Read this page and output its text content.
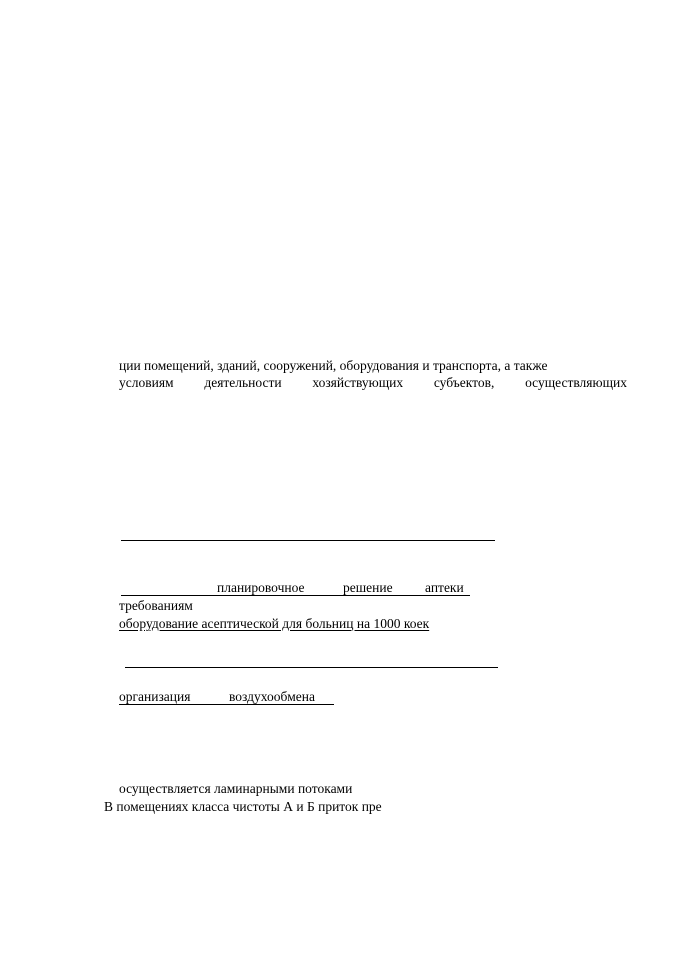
ции помещений, зданий, сооружений, оборудования и транспорта, а также
условиям деятельности хозяйствующих субъектов, осуществляющих
планировочное	решение аптеки
требованиям
оборудование асептической для больниц на 1000 коек
организация	воздухообмена
осуществляется ламинарными потоками
В помещениях класса чистоты А и Б приток пре
